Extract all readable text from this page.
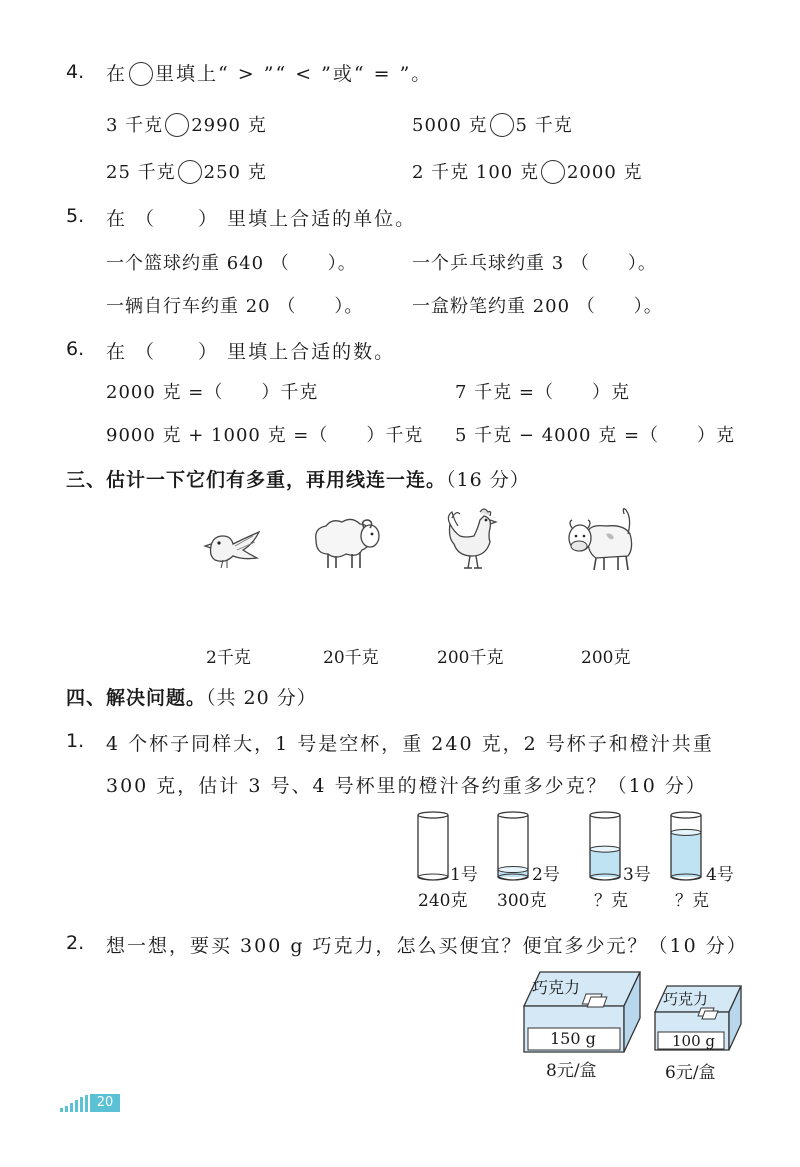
4. 在 里填上“ > ”“ < ”或“ = ”。
3 千克 2990 克	5000 克 5 千克
25 千克 250 克	2 千克 100 克 2000 克
5. 在 （　　） 里填上合适的单位。
一个篮球约重 640 （　　）。	一个乒乓球约重 3 （　　）。
一辆自行车约重 20 （　　）。	一盒粉笔约重 200 （　　）。
6. 在 （　　） 里填上合适的数。
2000 克 =（　　）千克	7 千克 =（　　）克
9000 克 + 1000 克 =（　　）千克 5 千克 − 4000 克 =（　　）克
三、估计一下它们有多重，再用线连一连。（16 分）
2千克	20千克	200千克	200克
四、解决问题。（共 20 分）
1. 4 个杯子同样大，1 号是空杯，重 240 克，2 号杯子和橙汁共重
300 克，估计 3 号、4 号杯里的橙汁各约重多少克？（10 分）
1号	2号	3号	4号
240克 300克	？克	？克
2. 想一想，要买 300 g 巧克力，怎么买便宜？便宜多少元？（10 分）
巧克力
150 g
8元/盒
巧克力
100 g
6元/盒
20
